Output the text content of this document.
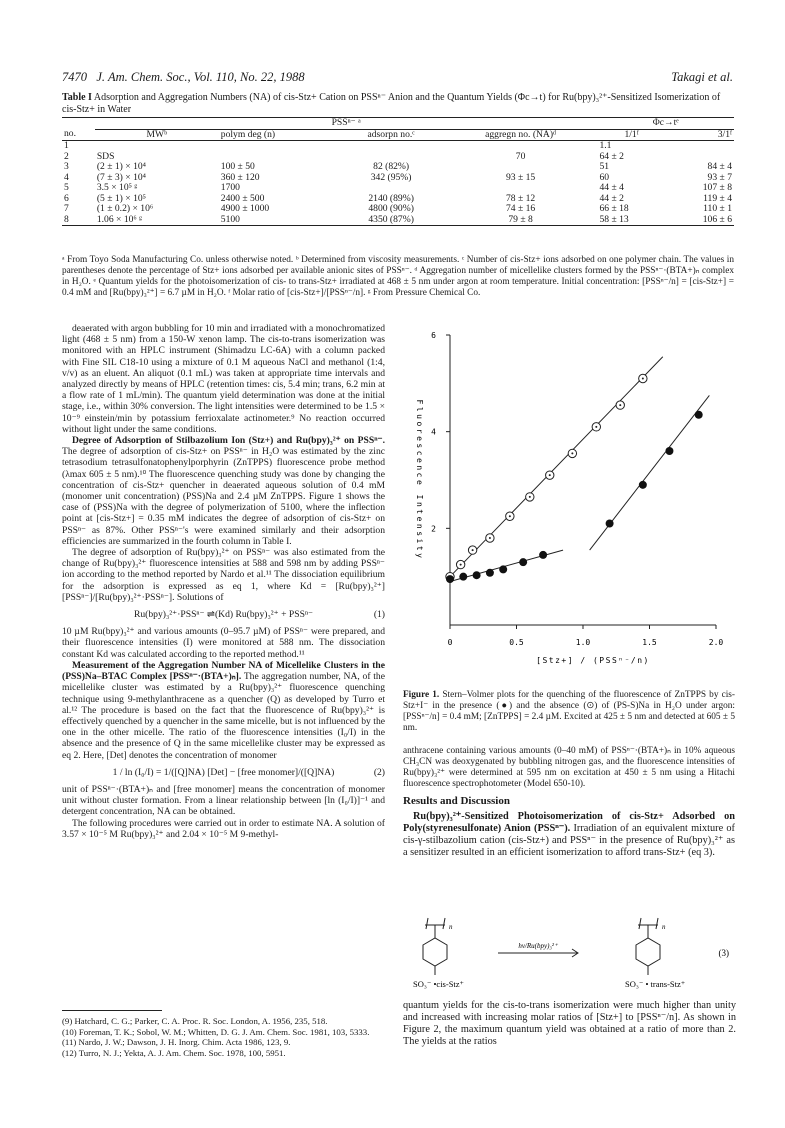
7470 J. Am. Chem. Soc., Vol. 110, No. 22, 1988	Takagi et al.
Table I Adsorption and Aggregation Numbers (NA) of cis-Stz+ Cation on PSSⁿ⁻ Anion and the Quantum Yields (Φc→t) for Ru(bpy)₃²⁺-Sensitized Isomerization of cis-Stz+ in Water
	PSSⁿ⁻ ᵃ				Φc→tᵉ	
no.	MWᵇ	polym deg (n)	adsorpn no.ᶜ	aggregn no. (NA)ᵈ	1/1ᶠ	3/1ᶠ
1					1.1	
2	SDS			70	64 ± 2	
3	(2 ± 1) × 10⁴	100 ± 50	82 (82%)		51	84 ± 4
4	(7 ± 3) × 10⁴	360 ± 120	342 (95%)	93 ± 15	60	93 ± 7
5	3.5 × 10⁵ ᵍ	1700			44 ± 4	107 ± 8
6	(5 ± 1) × 10⁵	2400 ± 500	2140 (89%)	78 ± 12	44 ± 2	119 ± 4
7	(1 ± 0.2) × 10⁶	4900 ± 1000	4800 (90%)	74 ± 16	66 ± 18	110 ± 1
8	1.06 × 10⁶ ᵍ	5100	4350 (87%)	79 ± 8	58 ± 13	106 ± 6
ᵃ From Toyo Soda Manufacturing Co. unless otherwise noted. ᵇ Determined from viscosity measurements. ᶜ Number of cis-Stz+ ions adsorbed on one polymer chain. The values in parentheses denote the percentage of Stz+ ions adsorbed per available anionic sites of PSSⁿ⁻. ᵈ Aggregation number of micellelike clusters formed by the PSSⁿ⁻·(BTA+)ₙ complex in H₂O. ᵉ Quantum yields for the photoisomerization of cis- to trans-Stz+ irradiated at 468 ± 5 nm under argon at room temperature. Initial concentration: [PSSⁿ⁻/n] = [cis-Stz+] = 0.4 mM and [Ru(bpy)₃²⁺] = 6.7 µM in H₂O. ᶠ Molar ratio of [cis-Stz+]/[PSSⁿ⁻/n]. ᵍ From Pressure Chemical Co.

deaerated with argon bubbling for 10 min and irradiated with a monochromatized light (468 ± 5 nm) from a 150-W xenon lamp. The cis-to-trans isomerization was monitored with an HPLC instrument (Shimadzu LC-6A) with a column packed with Fine SIL C18-10 using a mixture of 0.1 M aqueous NaCl and methanol (1:4, v/v) as an eluent. An aliquot (0.1 mL) was taken at appropriate time intervals and analyzed directly by means of HPLC (retention times: cis, 5.4 min; trans, 6.2 min at a flow rate of 1 mL/min). The quantum yield determination was done at the initial stage, i.e., within 30% conversion. The light intensities were determined to be 1.5 × 10⁻⁹ einstein/min by potassium ferrioxalate actinometer.⁹ No reaction occurred without light under the same conditions.

Degree of Adsorption of Stilbazolium Ion (Stz+) and Ru(bpy)₃²⁺ on PSSⁿ⁻. The degree of adsorption of cis-Stz+ on PSSⁿ⁻ in H₂O was estimated by the zinc tetrasodium tetrasulfonatophenylporphyrin (ZnTPPS) fluorescence probe method (λmax 605 ± 5 nm).¹⁰ The fluorescence quenching study was done by changing the concentration of cis-Stz+ quencher in deaerated aqueous solution of 0.4 mM (monomer unit concentration) (PSS)Na and 2.4 µM ZnTPPS. Figure 1 shows the case of (PSS)Na with the degree of polymerization of 5100, where the inflection point at [cis-Stz+] = 0.35 mM indicates the degree of adsorption of cis-Stz+ on PSSⁿ⁻ as 87%. Other PSSⁿ⁻'s were examined similarly and their adsorption efficiencies are summarized in the fourth column in Table I.

The degree of adsorption of Ru(bpy)₃²⁺ on PSSⁿ⁻ was also estimated from the change of Ru(bpy)₃²⁺ fluorescence intensities at 588 and 598 nm by adding PSSⁿ⁻ ion according to the method reported by Nardo et al.¹¹ The dissociation equilibrium for the adsorption is expressed as eq 1, where Kd = [Ru(bpy)₃²⁺][PSSⁿ⁻]/[Ru(bpy)₃²⁺·PSSⁿ⁻]. Solutions of

Ru(bpy)₃²⁺·PSSⁿ⁻ ⇌(Kd) Ru(bpy)₃²⁺ + PSSⁿ⁻	(1)

10 µM Ru(bpy)₃²⁺ and various amounts (0–95.7 µM) of PSSⁿ⁻ were prepared, and their fluorescence intensities (I) were monitored at 588 nm. The dissociation constant Kd was calculated according to the reported method.¹¹

Measurement of the Aggregation Number NA of Micellelike Clusters in the (PSS)Na–BTAC Complex [PSSⁿ⁻·(BTA+)ₙ]. The aggregation number, NA, of the micellelike cluster was estimated by a Ru(bpy)₃²⁺ fluorescence quenching technique using 9-methylanthracene as a quencher (Q) as developed by Turro et al.¹² The procedure is based on the fact that the fluorescence of Ru(bpy)₃²⁺ is effectively quenched by a quencher in the same micelle, but is not influenced by the one in the other micelle. The ratio of the fluorescence intensities (I₀/I) in the absence and the presence of Q in the same micellelike cluster may be expressed as eq 2. Here, [Det] denotes the concentration of monomer

1 / ln (I₀/I) = 1/([Q]NA) [Det] − [free monomer]/([Q]NA)	(2)

unit of PSSⁿ⁻·(BTA+)ₙ and [free monomer] means the concentration of monomer unit without cluster formation. From a linear relationship between [ln (I₀/I)]⁻¹ and detergent concentration, NA can be obtained.

The following procedures were carried out in order to estimate NA. A solution of 3.57 × 10⁻⁵ M Ru(bpy)₃²⁺ and 2.04 × 10⁻⁵ M 9-methyl-

(9) Hatchard, C. G.; Parker, C. A. Proc. R. Soc. London, A. 1956, 235, 518.
(10) Foreman, T. K.; Sobol, W. M.; Whitten, D. G. J. Am. Chem. Soc. 1981, 103, 5333.
(11) Nardo, J. W.; Dawson, J. H. Inorg. Chim. Acta 1986, 123, 9.
(12) Turro, N. J.; Yekta, A. J. Am. Chem. Soc. 1978, 100, 5951.
0	0.5	1.0	1.5	2.0
2
4
6
Fluorescence Intensity
[Stz+] / (PSSⁿ⁻/n)
Figure 1. Stern–Volmer plots for the quenching of the fluorescence of ZnTPPS by cis-Stz+I⁻ in the presence (●) and the absence (⊙) of (PS-S)Na in H₂O under argon: [PSSⁿ⁻/n] = 0.4 mM; [ZnTPPS] = 2.4 µM. Excited at 425 ± 5 nm and detected at 605 ± 5 nm.

anthracene containing various amounts (0–40 mM) of PSSⁿ⁻·(BTA+)ₙ in 10% aqueous CH₃CN was deoxygenated by bubbling nitrogen gas, and the fluorescence intensities of Ru(bpy)₃²⁺ were determined at 595 nm on excitation at 450 ± 5 nm using a Hitachi fluorescence spectrophotometer (Model 650-10).

Results and Discussion

Ru(bpy)₃²⁺-Sensitized Photoisomerization of cis-Stz+ Adsorbed on Poly(styrenesulfonate) Anion (PSSⁿ⁻). Irradiation of an equivalent mixture of cis-γ-stilbazolium cation (cis-Stz+) and PSSⁿ⁻ in the presence of Ru(bpy)₃²⁺ as a sensitizer resulted in an efficient isomerization to afford trans-Stz+ (eq 3).

n	n
hν/Ru(bpy)₃²⁺
SO₃⁻ •cis-Stz⁺	SO₃⁻ • trans-Stz⁺
(3)

quantum yields for the cis-to-trans isomerization were much higher than unity and increased with increasing molar ratios of [Stz+] to [PSSⁿ⁻/n]. As shown in Figure 2, the maximum quantum yield was obtained at a ratio of more than 2. The yields at the ratios
